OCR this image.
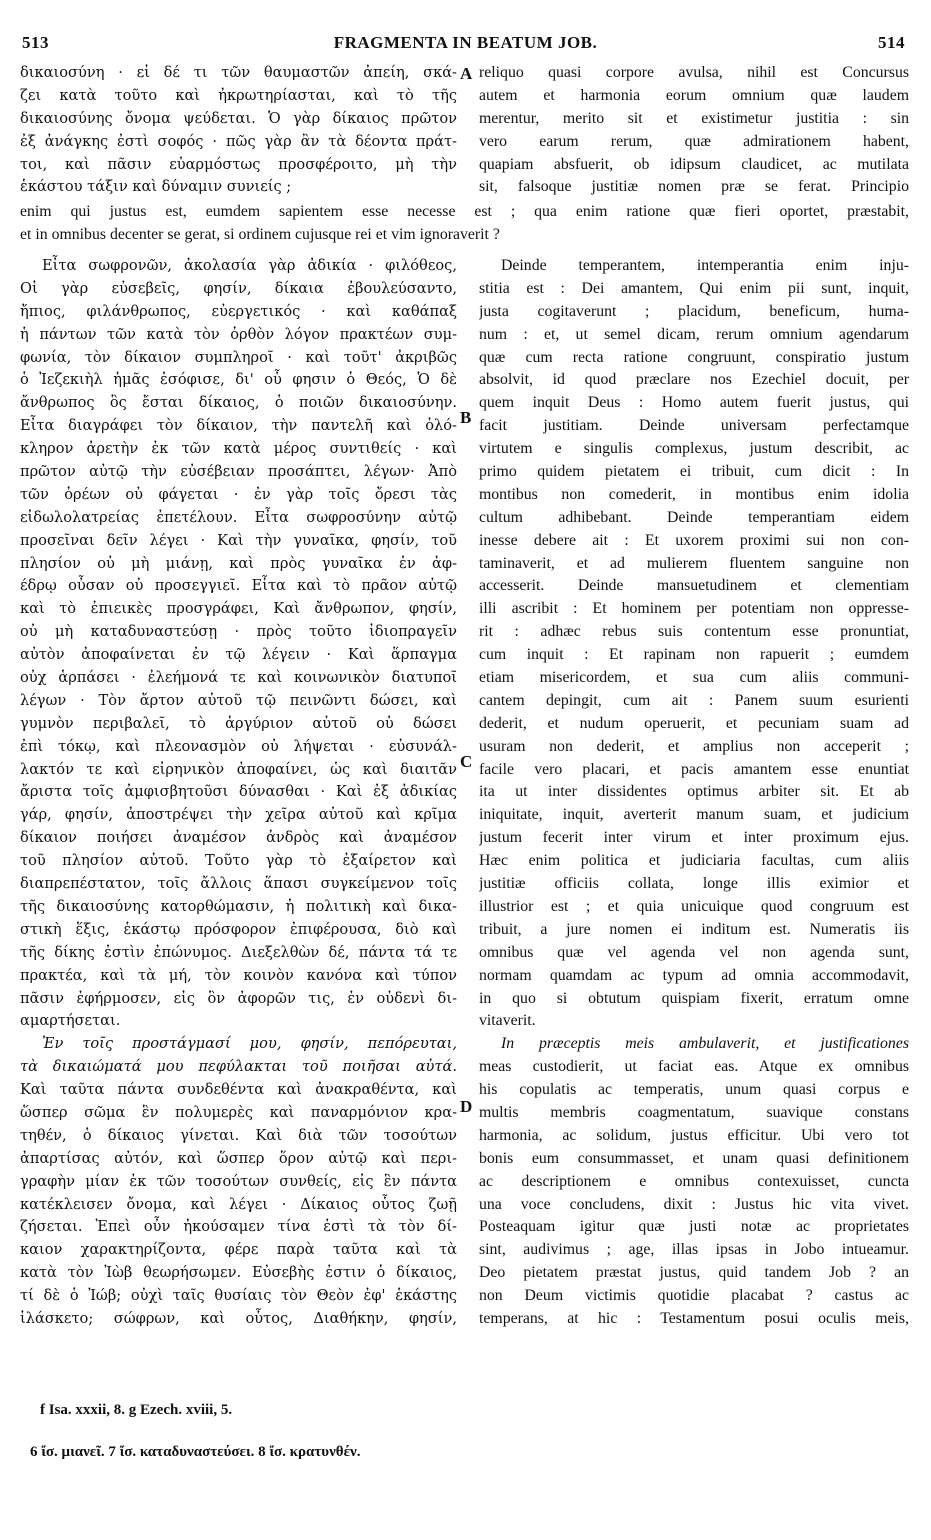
513	FRAGMENTA IN BEATUM JOB.	514
δικαιοσύνη · εἰ δέ τι τῶν θαυμαστῶν ἀπείη, σκά-
ζει κατὰ τοῦτο καὶ ἠκρωτηρίασται, καὶ τὸ τῆς
δικαιοσύνης ὄνομα ψεύδεται. Ὁ γὰρ δίκαιος πρῶτον
ἐξ ἀνάγκης ἐστὶ σοφός · πῶς γὰρ ἂν τὰ δέοντα πράτ-
τοι, καὶ πᾶσιν εὐαρμόστως προσφέροιτο, μὴ τὴν
ἑκάστου τάξιν καὶ δύναμιν συνιείς ;
reliquo quasi corpore avulsa, nihil est Concursus
autem et harmonia eorum omnium quæ laudem
merentur, merito sit et existimetur justitia : sin
vero earum rerum, quæ admirationem habent,
quapiam absfuerit, ob idipsum claudicet, ac mutilata
sit, falsoque justitiæ nomen præ se ferat. Principio
enim qui justus est, eumdem sapientem esse necesse est ; qua enim ratione quæ fieri oportet, præstabit,
et in omnibus decenter se gerat, si ordinem cujusque rei et vim ignoraverit ?
Εἶτα σωφρονῶν, ἀκολασία γὰρ ἀδικία · φιλόθεος,
Οἱ γὰρ εὐσεβεῖς, φησίν, δίκαια ἐβουλεύσαντο,
ἤπιος, φιλάνθρωπος, εὐεργετικός · καὶ καθάπαξ
ἡ πάντων τῶν κατὰ τὸν ὀρθὸν λόγον πρακτέων συμ-
φωνία, τὸν δίκαιον συμπληροῖ · καὶ τοῦτ' ἀκριβῶς
ὁ Ἰεζεκιὴλ ἡμᾶς ἐσόφισε, δι' οὗ φησιν ὁ Θεός, Ὁ δὲ
ἄνθρωπος ὃς ἔσται δίκαιος, ὁ ποιῶν δικαιοσύνην.
Εἶτα διαγράφει τὸν δίκαιον, τὴν παντελῆ καὶ ὁλό-
κληρον ἀρετὴν ἐκ τῶν κατὰ μέρος συντιθείς · καὶ
πρῶτον αὐτῷ τὴν εὐσέβειαν προσάπτει, λέγων· Ἀπὸ
τῶν ὀρέων οὐ φάγεται · ἐν γὰρ τοῖς ὄρεσι τὰς
εἰδωλολατρείας ἐπετέλουν. Εἶτα σωφροσύνην αὐτῷ
προσεῖναι δεῖν λέγει · Καὶ τὴν γυναῖκα, φησίν, τοῦ
πλησίον οὐ μὴ μιάνῃ, καὶ πρὸς γυναῖκα ἐν ἀφ-
έδρῳ οὖσαν οὐ προσεγγιεῖ. Εἶτα καὶ τὸ πρᾶον αὐτῷ
καὶ τὸ ἐπιεικὲς προσγράφει, Καὶ ἄνθρωπον, φησίν,
οὐ μὴ καταδυναστεύσῃ · πρὸς τοῦτο ἰδιοπραγεῖν
αὐτὸν ἀποφαίνεται ἐν τῷ λέγειν · Καὶ ἅρπαγμα
οὐχ ἁρπάσει · ἐλεήμονά τε καὶ κοινωνικὸν διατυποῖ
λέγων · Τὸν ἄρτον αὐτοῦ τῷ πεινῶντι δώσει, καὶ
γυμνὸν περιβαλεῖ, τὸ ἀργύριον αὐτοῦ οὐ δώσει
ἐπὶ τόκῳ, καὶ πλεονασμὸν οὐ λήψεται · εὐσυνάλ-
λακτόν τε καὶ εἰρηνικὸν ἀποφαίνει, ὡς καὶ διαιτᾶν
ἄριστα τοῖς ἀμφισβητοῦσι δύνασθαι · Καὶ ἐξ ἀδικίας
γάρ, φησίν, ἀποστρέψει τὴν χεῖρα αὐτοῦ καὶ κρῖμα
δίκαιον ποιήσει ἀναμέσον ἀνδρὸς καὶ ἀναμέσον
τοῦ πλησίον αὐτοῦ. Τοῦτο γὰρ τὸ ἐξαίρετον καὶ
διαπρεπέστατον, τοῖς ἄλλοις ἅπασι συγκείμενον τοῖς
τῆς δικαιοσύνης κατορθώμασιν, ἡ πολιτικὴ καὶ δικα-
στικὴ ἕξις, ἑκάστῳ πρόσφορον ἐπιφέρουσα, διὸ καὶ
τῆς δίκης ἐστὶν ἐπώνυμος. Διεξελθὼν δέ, πάντα τά τε
πρακτέα, καὶ τὰ μή, τὸν κοινὸν κανόνα καὶ τύπον
πᾶσιν ἐφήρμοσεν, εἰς ὃν ἀφορῶν τις, ἐν οὐδενὶ δι-
αμαρτήσεται.
Ἐν τοῖς προστάγμασί μου, φησίν, πεπόρευται,
τὰ δικαιώματά μου πεφύλακται τοῦ ποιῆσαι αὐτά.
Καὶ ταῦτα πάντα συνδεθέντα καὶ ἀνακραθέντα, καὶ
ὥσπερ σῶμα ἓν πολυμερὲς καὶ παναρμόνιον κρα-
τηθέν, ὁ δίκαιος γίνεται. Καὶ διὰ τῶν τοσούτων
ἀπαρτίσας αὐτόν, καὶ ὥσπερ ὅρον αὐτῷ καὶ περι-
γραφὴν μίαν ἐκ τῶν τοσούτων συνθείς, εἰς ἓν πάντα
κατέκλεισεν ὄνομα, καὶ λέγει · Δίκαιος οὗτος ζωῇ
ζήσεται. Ἐπεὶ οὖν ἠκούσαμεν τίνα ἐστὶ τὰ τὸν δί-
καιον χαρακτηρίζοντα, φέρε παρὰ ταῦτα καὶ τὰ
κατὰ τὸν Ἰὼβ θεωρήσωμεν. Εὐσεβὴς ἐστιν ὁ δίκαιος,
τί δὲ ὁ Ἰώβ; οὐχὶ ταῖς θυσίαις τὸν Θεὸν ἐφ' ἑκάστης
ἱλάσκετο; σώφρων, καὶ οὗτος, Διαθήκην, φησίν,
Deinde temperantem, intemperantia enim inju-
stitia est : Dei amantem, Qui enim pii sunt, inquit,
justa cogitaverunt ; placidum, beneficum, huma-
num : et, ut semel dicam, rerum omnium agendarum
quæ cum recta ratione congruunt, conspiratio justum
absolvit, id quod præclare nos Ezechiel docuit, per
quem inquit Deus : Homo autem fuerit justus, qui
facit justitiam. Deinde universam perfectamque
virtutem e singulis complexus, justum describit, ac
primo quidem pietatem ei tribuit, cum dicit : In
montibus non comederit, in montibus enim idolia
cultum adhibebant. Deinde temperantiam eidem
inesse debere ait : Et uxorem proximi sui non con-
taminaverit, et ad mulierem fluentem sanguine non
accesserit. Deinde mansuetudinem et clementiam
illi ascribit : Et hominem per potentiam non oppresse-
rit : adhæc rebus suis contentum esse pronuntiat,
cum inquit : Et rapinam non rapuerit ; eumdem
etiam misericordem, et sua cum aliis communi-
cantem depingit, cum ait : Panem suum esurienti
dederit, et nudum operuerit, et pecuniam suam ad
usuram non dederit, et amplius non acceperit ;
facile vero placari, et pacis amantem esse enuntiat
ita ut inter dissidentes optimus arbiter sit. Et ab
iniquitate, inquit, averterit manum suam, et judicium
justum fecerit inter virum et inter proximum ejus.
Hæc enim politica et judiciaria facultas, cum aliis
justitiæ officiis collata, longe illis eximior et
illustrior est ; et quia unicuique quod congruum est
tribuit, a jure nomen ei inditum est. Numeratis iis
omnibus quæ vel agenda vel non agenda sunt,
normam quamdam ac typum ad omnia accommodavit,
in quo si obtutum quispiam fixerit, erratum omne
vitaverit.
In præceptis meis ambulaverit, et justificationes
meas custodierit, ut faciat eas. Atque ex omnibus
his copulatis ac temperatis, unum quasi corpus e
multis membris coagmentatum, suavique constans
harmonia, ac solidum, justus efficitur. Ubi vero tot
bonis eum consummasset, et unam quasi definitionem
ac descriptionem e omnibus contexuisset, cuncta
una voce concludens, dixit : Justus hic vita vivet.
Posteaquam igitur quæ justi notæ ac proprietates
sint, audivimus ; age, illas ipsas in Jobo intueamur.
Deo pietatem præstat justus, quid tandem Job ? an
non Deum victimis quotidie placabat ? castus ac
temperans, at hic : Testamentum posui oculis meis,
A
B
C
D
f Isa. xxxii, 8. g Ezech. xviii, 5.
6 ἴσ. μιανεῖ. 7 ἴσ. καταδυναστεύσει. 8 ἴσ. κρατυνθέν.
